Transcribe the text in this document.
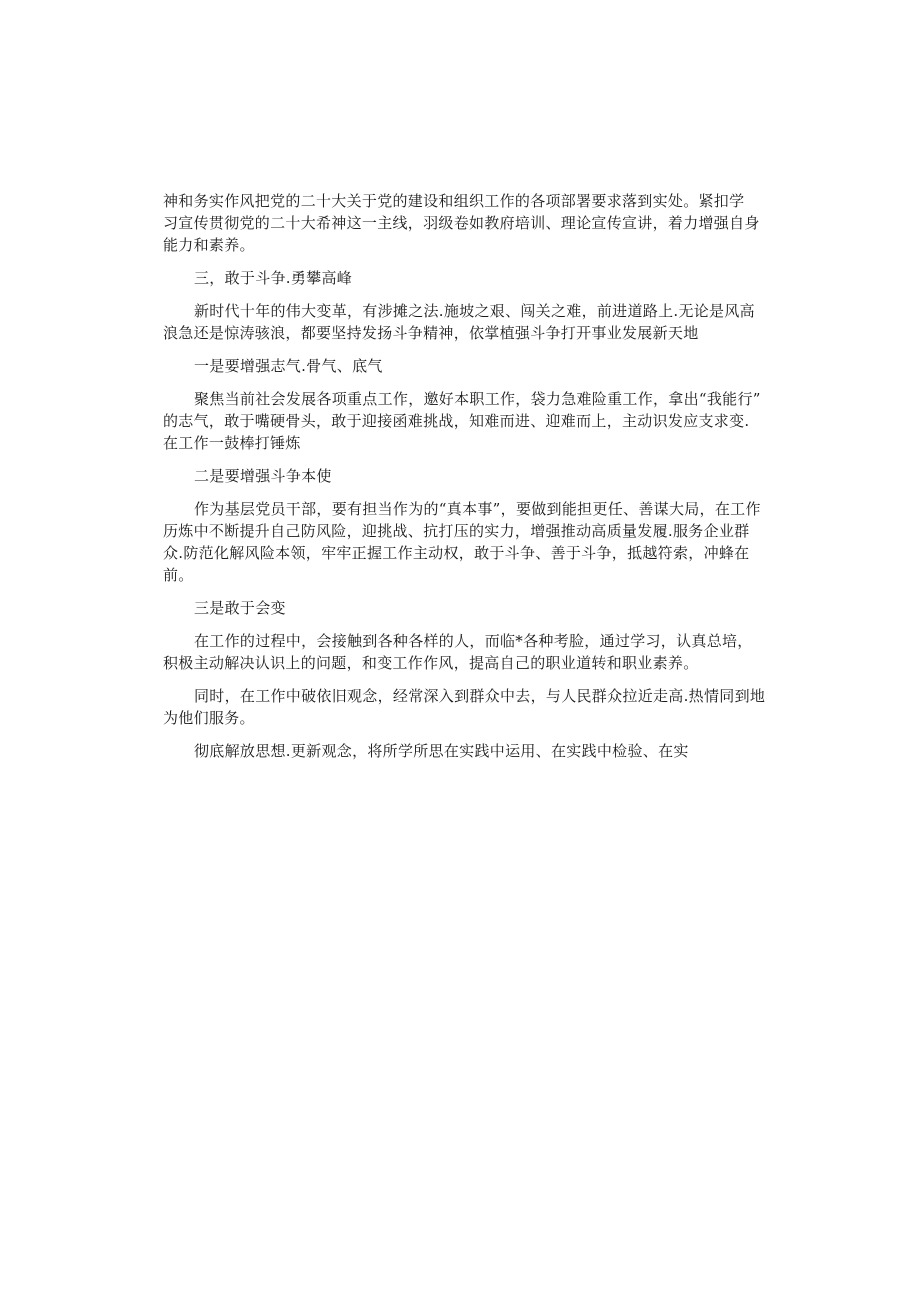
神和务实作风把党的二十大关于党的建设和组织工作的各项部署要求落到实处。紧扣学
习宣传贯彻党的二十大希神这一主线，羽级卷如教府培训、理论宣传宣讲，着力增强自身
能力和素养。
三，敢于斗争.勇攀高峰
新时代十年的伟大变革，有涉摊之法.施坡之艰、闯关之难，前进道路上.无论是风高
浪急还是惊涛骇浪，都要坚持发扬斗争精神，依掌植强斗争打开事业发展新天地
一是要增强志气.骨气、底气
聚焦当前社会发展各项重点工作，邀好本职工作，袋力急难险重工作，拿出“我能行”
的志气，敢于嘴硬骨头，敢于迎接函难挑战，知难而进、迎难而上，主动识发应支求变.
在工作一鼓棒打锤炼
二是要增强斗争本使
作为基层党员干部，要有担当作为的“真本事”，要做到能担更任、善谋大局，在工作
历炼中不断提升自己防风险，迎挑战、抗打压的实力，增强推动高质量发履.服务企业群
众.防范化解风险本领，牢牢正握工作主动权，敢于斗争、善于斗争，抵越符索，冲蜂在
前。
三是敢于会变
在工作的过程中，会接触到各种各样的人，而临*各种考脸，通过学习，认真总培，
积极主动解决认识上的问题，和变工作作风，提高自己的职业道转和职业素养。
同时，在工作中破依旧观念，经常深入到群众中去，与人民群众拉近走高.热情同到地
为他们服务。
彻底解放思想.更新观念，将所学所思在实践中运用、在实践中检验、在实
